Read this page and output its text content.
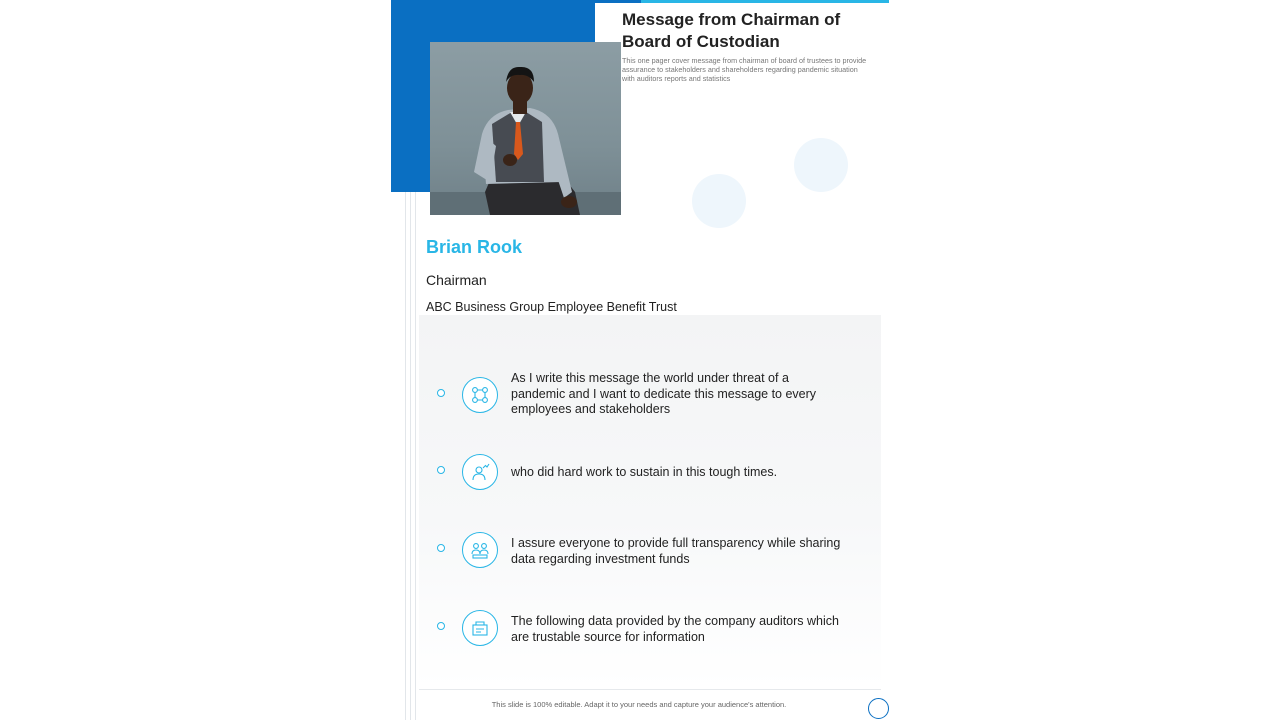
Message from Chairman of Board of Custodian

This one pager cover message from chairman of board of trustees to provide assurance to stakeholders and shareholders regarding pandemic situation with auditors reports and statistics

Brian Rook
Chairman
ABC Business Group Employee Benefit Trust
As I write this message the world under threat of a pandemic and I want to dedicate this message to every employees and stakeholders
who did hard work to sustain in this tough times.
I assure everyone to provide full transparency while sharing data regarding investment funds
The following data provided by the company auditors which are trustable source for information
This slide is 100% editable. Adapt it to your needs and capture your audience's attention.
